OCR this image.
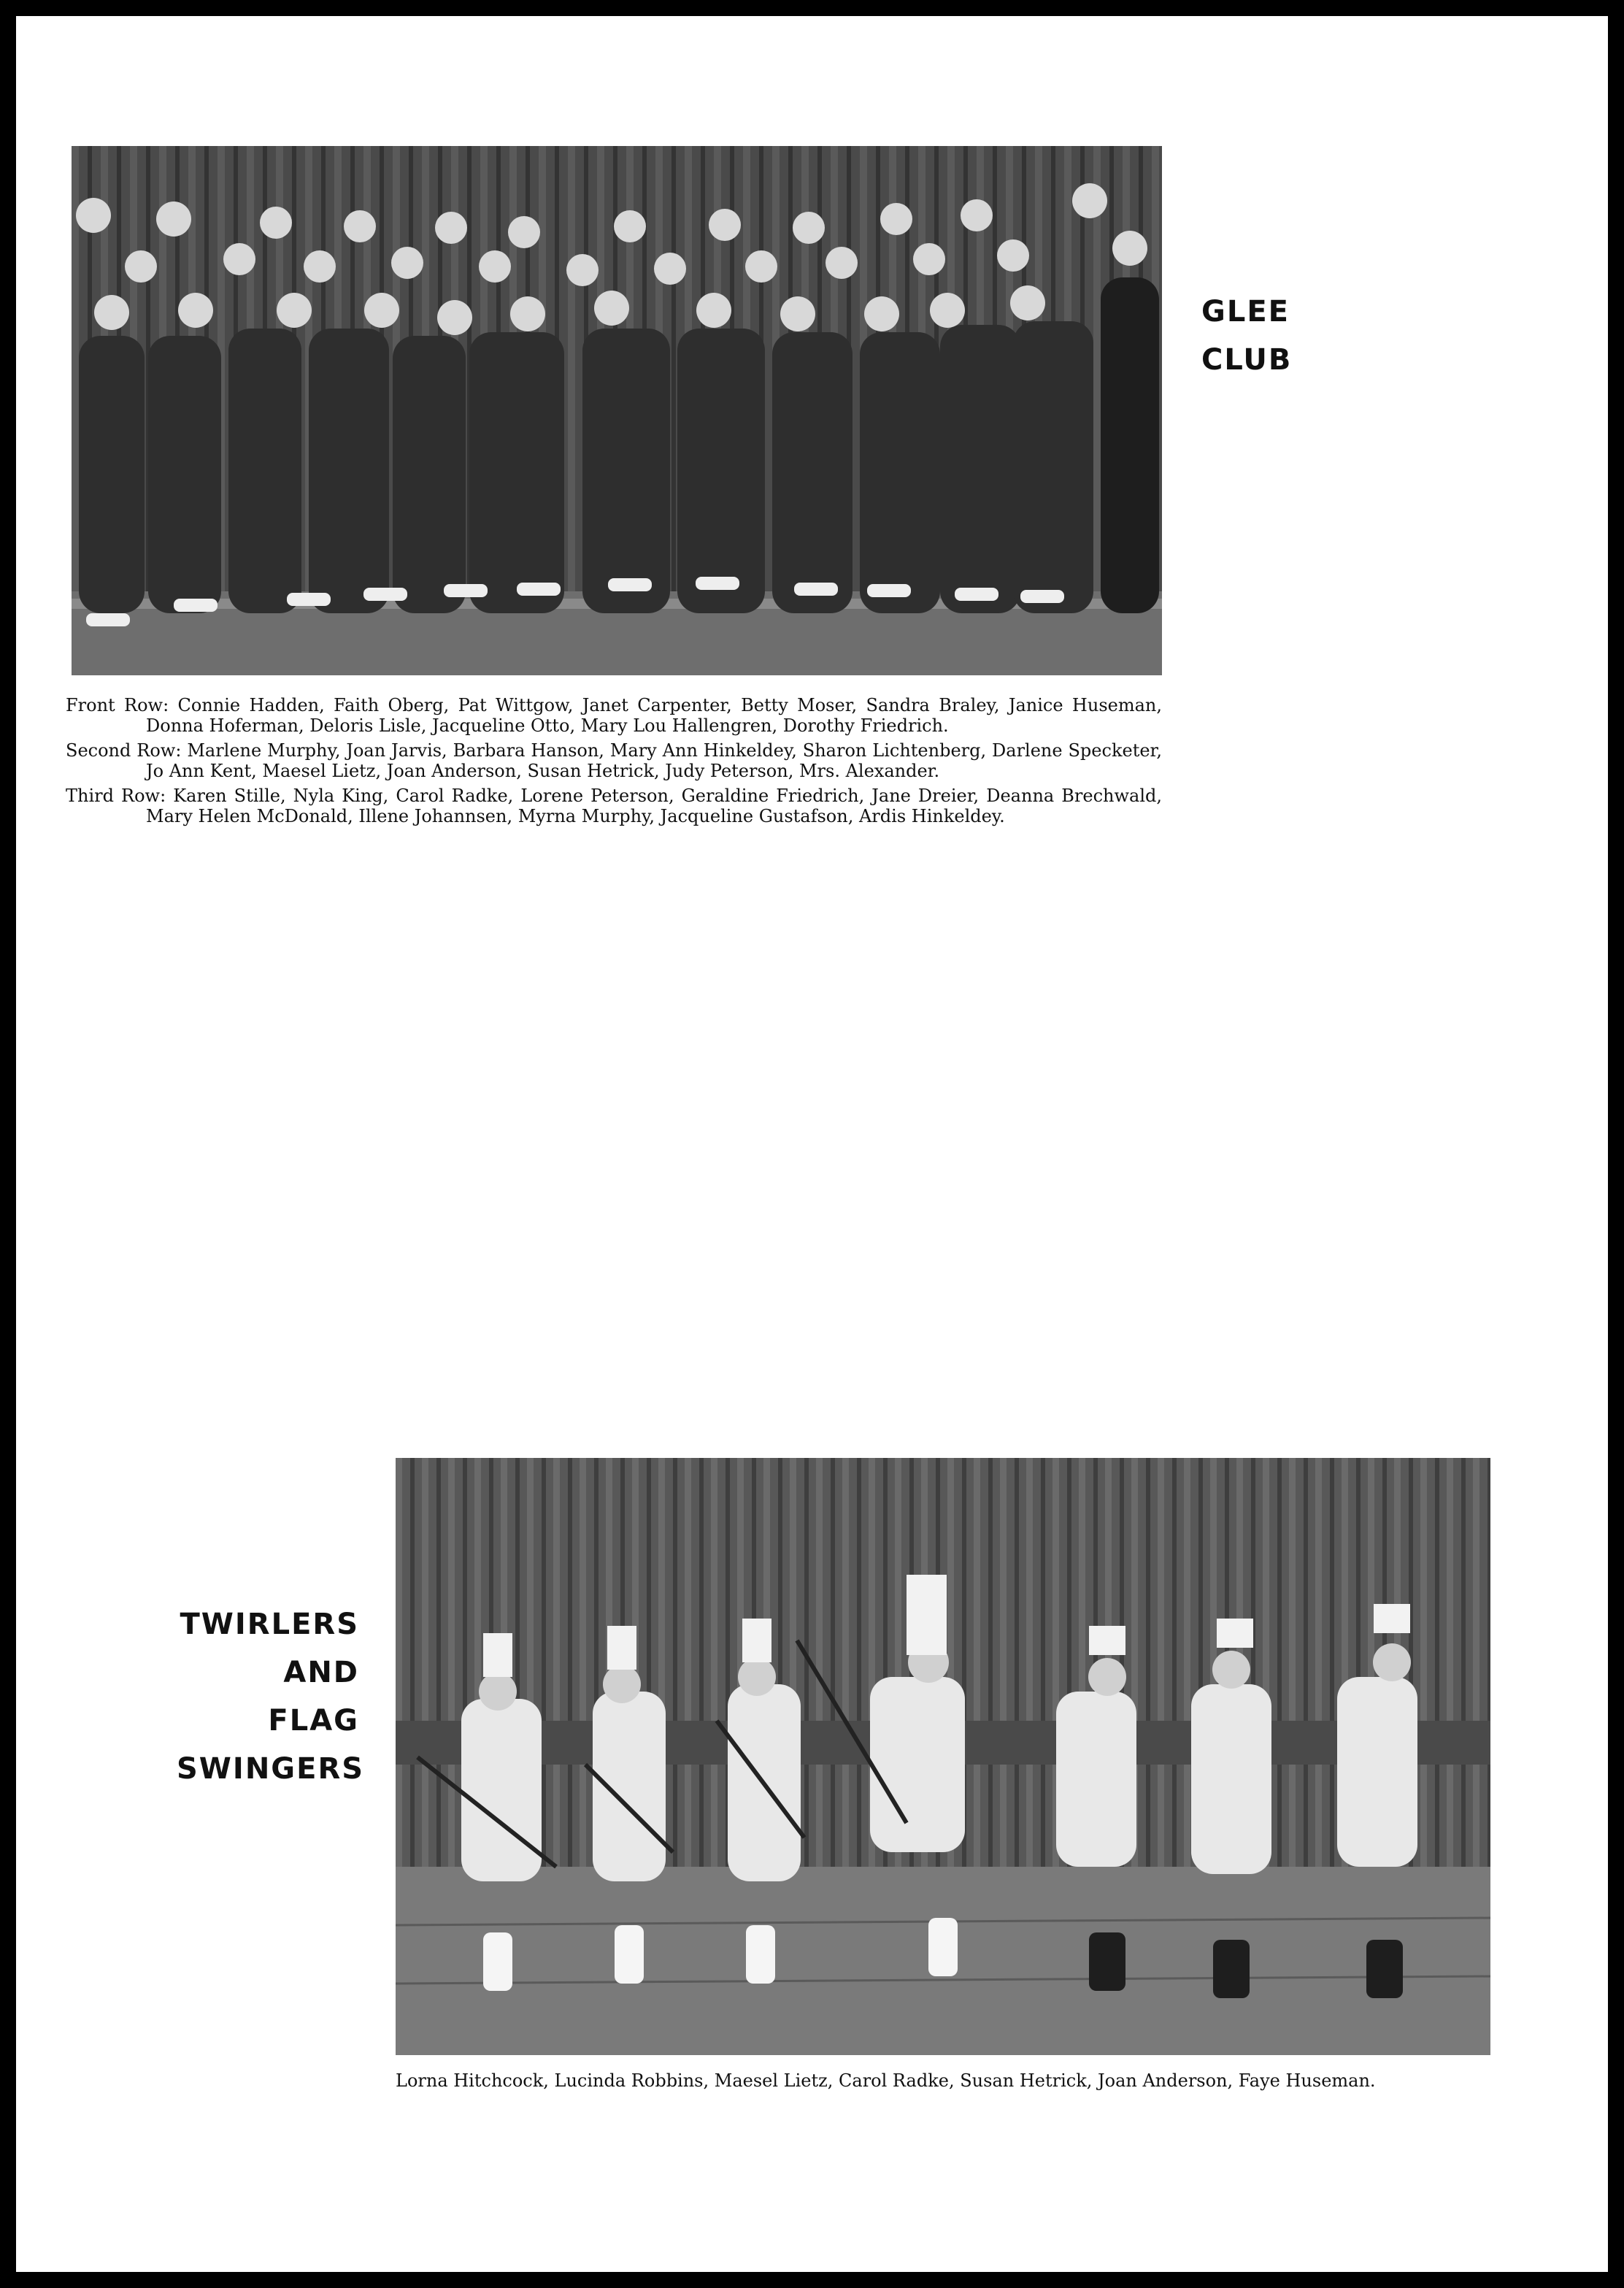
GLEE
CLUB
Front Row: Connie Hadden, Faith Oberg, Pat Wittgow, Janet Carpenter, Betty Moser, Sandra Braley, Janice Huseman, Donna Hoferman, Deloris Lisle, Jacqueline Otto, Mary Lou Hallengren, Dorothy Friedrich.
Second Row: Marlene Murphy, Joan Jarvis, Barbara Hanson, Mary Ann Hinkeldey, Sharon Lichtenberg, Darlene Specketer, Jo Ann Kent, Maesel Lietz, Joan Anderson, Susan Hetrick, Judy Peterson, Mrs. Alexander.
Third Row: Karen Stille, Nyla King, Carol Radke, Lorene Peterson, Geraldine Friedrich, Jane Dreier, Deanna Brechwald, Mary Helen McDonald, Illene Johannsen, Myrna Murphy, Jacqueline Gustafson, Ardis Hinkeldey.
TWIRLERS
AND
FLAG
SWINGERS
Lorna Hitchcock, Lucinda Robbins, Maesel Lietz, Carol Radke, Susan Hetrick, Joan Anderson, Faye Huseman.
